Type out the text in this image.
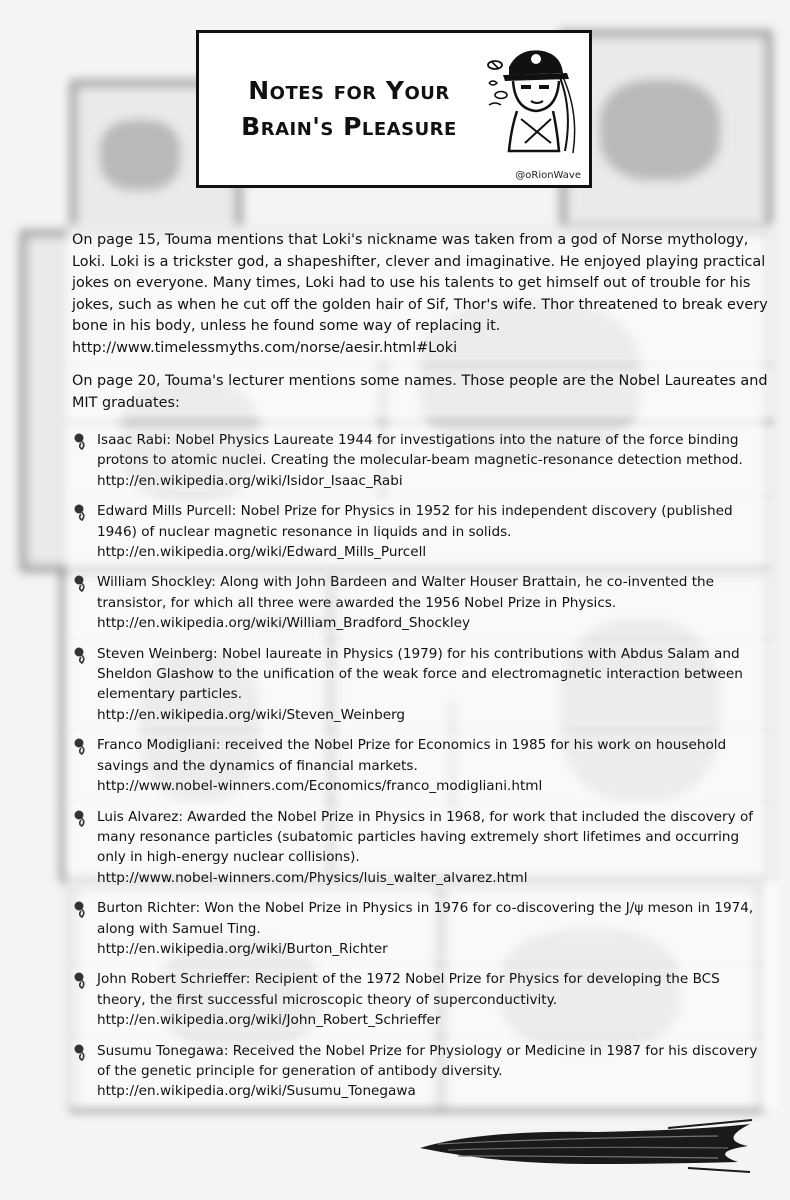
Notes for Your
Brain's Pleasure
@oRionWave

On page 15, Touma mentions that Loki's nickname was taken from a god of Norse mythology, Loki. Loki is a trickster god, a shapeshifter, clever and imaginative. He enjoyed playing practical jokes on everyone. Many times, Loki had to use his talents to get himself out of trouble for his jokes, such as when he cut off the golden hair of Sif, Thor's wife. Thor threatened to break every bone in his body, unless he found some way of replacing it.
http://www.timelessmyths.com/norse/aesir.html#Loki

On page 20, Touma's lecturer mentions some names. Those people are the Nobel Laureates and MIT graduates:

Isaac Rabi: Nobel Physics Laureate 1944 for investigations into the nature of the force binding protons to atomic nuclei. Creating the molecular-beam magnetic-resonance detection method.
http://en.wikipedia.org/wiki/Isidor_Isaac_Rabi
Edward Mills Purcell: Nobel Prize for Physics in 1952 for his independent discovery (published 1946) of nuclear magnetic resonance in liquids and in solids.
http://en.wikipedia.org/wiki/Edward_Mills_Purcell
William Shockley: Along with John Bardeen and Walter Houser Brattain, he co-invented the transistor, for which all three were awarded the 1956 Nobel Prize in Physics.
http://en.wikipedia.org/wiki/William_Bradford_Shockley
Steven Weinberg: Nobel laureate in Physics (1979) for his contributions with Abdus Salam and Sheldon Glashow to the unification of the weak force and electromagnetic interaction between elementary particles.
http://en.wikipedia.org/wiki/Steven_Weinberg
Franco Modigliani: received the Nobel Prize for Economics in 1985 for his work on household savings and the dynamics of financial markets.
http://www.nobel-winners.com/Economics/franco_modigliani.html
Luis Alvarez: Awarded the Nobel Prize in Physics in 1968, for work that included the discovery of many resonance particles (subatomic particles having extremely short lifetimes and occurring only in high-energy nuclear collisions).
http://www.nobel-winners.com/Physics/luis_walter_alvarez.html
Burton Richter: Won the Nobel Prize in Physics in 1976 for co-discovering the J/ψ meson in 1974, along with Samuel Ting.
http://en.wikipedia.org/wiki/Burton_Richter
John Robert Schrieffer: Recipient of the 1972 Nobel Prize for Physics for developing the BCS theory, the first successful microscopic theory of superconductivity.
http://en.wikipedia.org/wiki/John_Robert_Schrieffer
Susumu Tonegawa: Received the Nobel Prize for Physiology or Medicine in 1987 for his discovery of the genetic principle for generation of antibody diversity.
http://en.wikipedia.org/wiki/Susumu_Tonegawa
